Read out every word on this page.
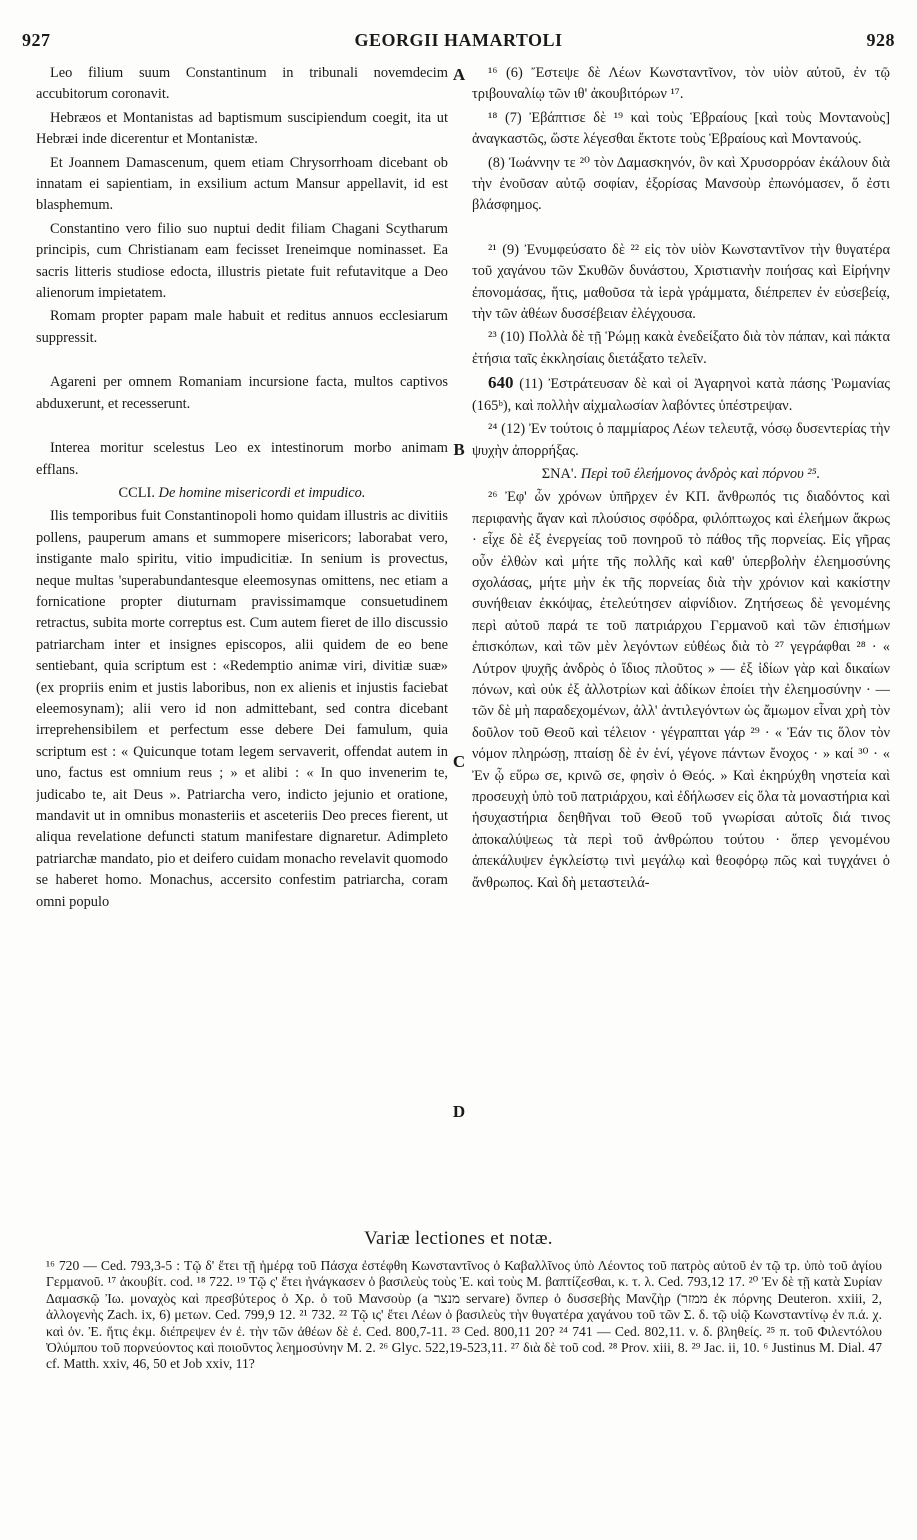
927	GEORGII HAMARTOLI	928
A
B
C
D

Leo filium suum Constantinum in tribunali novemdecim accubitorum coronavit.

Hebræos et Montanistas ad baptismum suscipiendum coegit, ita ut Hebræi inde dicerentur et Montanistæ.

Et Joannem Damascenum, quem etiam Chrysorrhoam dicebant ob innatam ei sapientiam, in exsilium actum Mansur appellavit, id est blasphemum.

Constantino vero filio suo nuptui dedit filiam Chagani Scytharum principis, cum Christianam eam fecisset Ireneimque nominasset. Ea sacris litteris studiose edocta, illustris pietate fuit refutavitque a Deo alienorum impietatem.

Romam propter papam male habuit et reditus annuos ecclesiarum suppressit.

Agareni per omnem Romaniam incursione facta, multos captivos abduxerunt, et recesserunt.

Interea moritur scelestus Leo ex intestinorum morbo animam efflans.

CCLI. De homine misericordi et impudico.

Ilis temporibus fuit Constantinopoli homo quidam illustris ac divitiis pollens, pauperum amans et summopere misericors; laborabat vero, instigante malo spiritu, vitio impudicitiæ. In senium is provectus, neque multas 'superabundantesque eleemosynas omittens, nec etiam a fornicatione propter diuturnam pravissimamque consuetudinem retractus, subita morte correptus est. Cum autem fieret de illo discussio patriarcham inter et insignes episcopos, alii quidem de eo bene sentiebant, quia scriptum est : «Redemptio animæ viri, divitiæ suæ» (ex propriis enim et justis laboribus, non ex alienis et injustis faciebat eleemosynam); alii vero id non admittebant, sed contra dicebant irreprehensibilem et perfectum esse debere Dei famulum, quia scriptum est : « Quicunque totam legem servaverit, offendat autem in uno, factus est omnium reus ; » et alibi : « In quo invenerim te, judicabo te, ait Deus ». Patriarcha vero, indicto jejunio et oratione, mandavit ut in omnibus monasteriis et asceteriis Deo preces fierent, ut aliqua revelatione defuncti statum manifestare dignaretur. Adimpleto patriarchæ mandato, pio et deifero cuidam monacho revelavit quomodo se haberet homo. Monachus, accersito confestim patriarcha, coram omni populo

¹⁶ (6) Ἔστεψε δὲ Λέων Κωνσταντῖνον, τὸν υἱὸν αὐτοῦ, ἐν τῷ τριβουναλίῳ τῶν ιθ' ἀκουβιτόρων ¹⁷.

¹⁸ (7) Ἐβάπτισε δὲ ¹⁹ καὶ τοὺς Ἑβραίους [καὶ τοὺς Μοντανοὺς] ἀναγκαστῶς, ὥστε λέγεσθαι ἔκτοτε τοὺς Ἑβραίους καὶ Μοντανούς.

(8) Ἰωάννην τε ²⁰ τὸν Δαμασκηνόν, ὃν καὶ Χρυσορρόαν ἐκάλουν διὰ τὴν ἐνοῦσαν αὐτῷ σοφίαν, ἐξορίσας Μανσοὺρ ἐπωνόμασεν, ὅ ἐστι βλάσφημος.

²¹ (9) Ἐνυμφεύσατο δὲ ²² εἰς τὸν υἱὸν Κωνσταντῖνον τὴν θυγατέρα τοῦ χαγάνου τῶν Σκυθῶν δυνάστου, Χριστιανὴν ποιήσας καὶ Εἰρήνην ἐπονομάσας, ἥτις, μαθοῦσα τὰ ἱερὰ γράμματα, διέπρεπεν ἐν εὐσεβείᾳ, τὴν τῶν ἀθέων δυσσέβειαν ἐλέγχουσα.

²³ (10) Πολλὰ δὲ τῇ Ῥώμῃ κακὰ ἐνεδείξατο διὰ τὸν πάπαν, καὶ πάκτα ἐτήσια ταῖς ἐκκλησίαις διετάξατο τελεῖν.

640 (11) Ἐστράτευσαν δὲ καὶ οἱ Ἀγαρηνοὶ κατὰ πάσης Ῥωμανίας (165ᵇ), καὶ πολλὴν αἰχμαλωσίαν λαβόντες ὑπέστρεψαν.

²⁴ (12) Ἐν τούτοις ὁ παμμίαρος Λέων τελευτᾷ, νόσῳ δυσεντερίας τὴν ψυχὴν ἀπορρήξας.

ΣΝΑ'. Περὶ τοῦ ἐλεήμονος ἀνδρὸς καὶ πόρνου ²⁵.

²⁶ Ἐφ' ὧν χρόνων ὑπῆρχεν ἐν ΚΠ. ἄνθρωπός τις διαδόντος καὶ περιφανὴς ἄγαν καὶ πλούσιος σφόδρα, φιλόπτωχος καὶ ἐλεήμων ἄκρως · εἶχε δὲ ἐξ ἐνεργείας τοῦ πονηροῦ τὸ πάθος τῆς πορνείας. Εἰς γῆρας οὖν ἐλθὼν καὶ μήτε τῆς πολλῆς καὶ καθ' ὑπερβολὴν ἐλεημοσύνης σχολάσας, μήτε μὴν ἐκ τῆς πορνείας διὰ τὴν χρόνιον καὶ κακίστην συνήθειαν ἐκκόψας, ἐτελεύτησεν αἰφνίδιον. Ζητήσεως δὲ γενομένης περὶ αὐτοῦ παρά τε τοῦ πατριάρχου Γερμανοῦ καὶ τῶν ἐπισήμων ἐπισκόπων, καὶ τῶν μὲν λεγόντων εὐθέως διὰ τὸ ²⁷ γεγράφθαι ²⁸ · « Λύτρον ψυχῆς ἀνδρὸς ὁ ἴδιος πλοῦτος » — ἐξ ἰδίων γὰρ καὶ δικαίων πόνων, καὶ οὐκ ἐξ ἀλλοτρίων καὶ ἀδίκων ἐποίει τὴν ἐλεημοσύνην · — τῶν δὲ μὴ παραδεχομένων, ἀλλ' ἀντιλεγόντων ὡς ἄμωμον εἶναι χρὴ τὸν δοῦλον τοῦ Θεοῦ καὶ τέλειον · γέγραπται γάρ ²⁹ · « Ἐάν τις ὅλον τὸν νόμον πληρώσῃ, πταίσῃ δὲ ἐν ἑνί, γέγονε πάντων ἔνοχος · » καί ³⁰ · « Ἐν ᾧ εὕρω σε, κρινῶ σε, φησὶν ὁ Θεός. » Καὶ ἐκηρύχθη νηστεία καὶ προσευχὴ ὑπὸ τοῦ πατριάρχου, καὶ ἐδήλωσεν εἰς ὅλα τὰ μοναστήρια καὶ ἡσυχαστήρια δεηθῆναι τοῦ Θεοῦ τοῦ γνωρίσαι αὐτοῖς διά τινος ἀποκαλύψεως τὰ περὶ τοῦ ἀνθρώπου τούτου · ὅπερ γενομένου ἀπεκάλυψεν ἐγκλείστῳ τινὶ μεγάλῳ καὶ θεοφόρῳ πῶς καὶ τυγχάνει ὁ ἄνθρωπος. Καὶ δὴ μεταστειλά-

Variæ lectiones et notæ.

¹⁶ 720 — Ced. 793,3-5 : Τῷ δ' ἔτει τῇ ἡμέρᾳ τοῦ Πάσχα ἐστέφθη Κωνσταντῖνος ὁ Καβαλλῖνος ὑπὸ Λέοντος τοῦ πατρὸς αὐτοῦ ἐν τῷ τρ. ὑπὸ τοῦ ἁγίου Γερμανοῦ. ¹⁷ ἀκουβίτ. cod. ¹⁸ 722. ¹⁹ Τῷ ς' ἔτει ἠνάγκασεν ὁ βασιλεὺς τοὺς Ἑ. καὶ τοὺς Μ. βαπτίζεσθαι, κ. τ. λ. Ced. 793,12 17. ²⁰ Ἐν δὲ τῇ κατὰ Συρίαν Δαμασκῷ Ἰω. μοναχὸς καὶ πρεσβύτερος ὁ Χρ. ὁ τοῦ Μανσοὺρ (a מנצר servare) ὅνπερ ὁ δυσσεβὴς Μανζὴρ (ממזר ἐκ πόρνης Deuteron. xxiii, 2, ἀλλογενὴς Zach. ix, 6) μετων. Ced. 799,9 12. ²¹ 732. ²² Τῷ ις' ἔτει Λέων ὁ βασιλεὺς τὴν θυγατέρα χαγάνου τοῦ τῶν Σ. δ. τῷ υἱῷ Κωνσταντίνῳ ἐν π.ά. χ. καὶ ὀν. Ἐ. ἥτις ἐκμ. διέπρεψεν ἐν ἐ. τὴν τῶν ἀθέων δὲ ἐ. Ced. 800,7-11. ²³ Ced. 800,11 20? ²⁴ 741 — Ced. 802,11. v. δ. βληθείς. ²⁵ π. τοῦ Φιλεντόλου Ὀλύμπου τοῦ πορνεύοντος καὶ ποιοῦντος λεημοσύνην M. 2. ²⁶ Glyc. 522,19-523,11. ²⁷ διὰ δὲ τοῦ cod. ²⁸ Prov. xiii, 8. ²⁹ Jac. ii, 10. ⁶ Justinus M. Dial. 47 cf. Matth. xxiv, 46, 50 et Job xxiv, 11?
